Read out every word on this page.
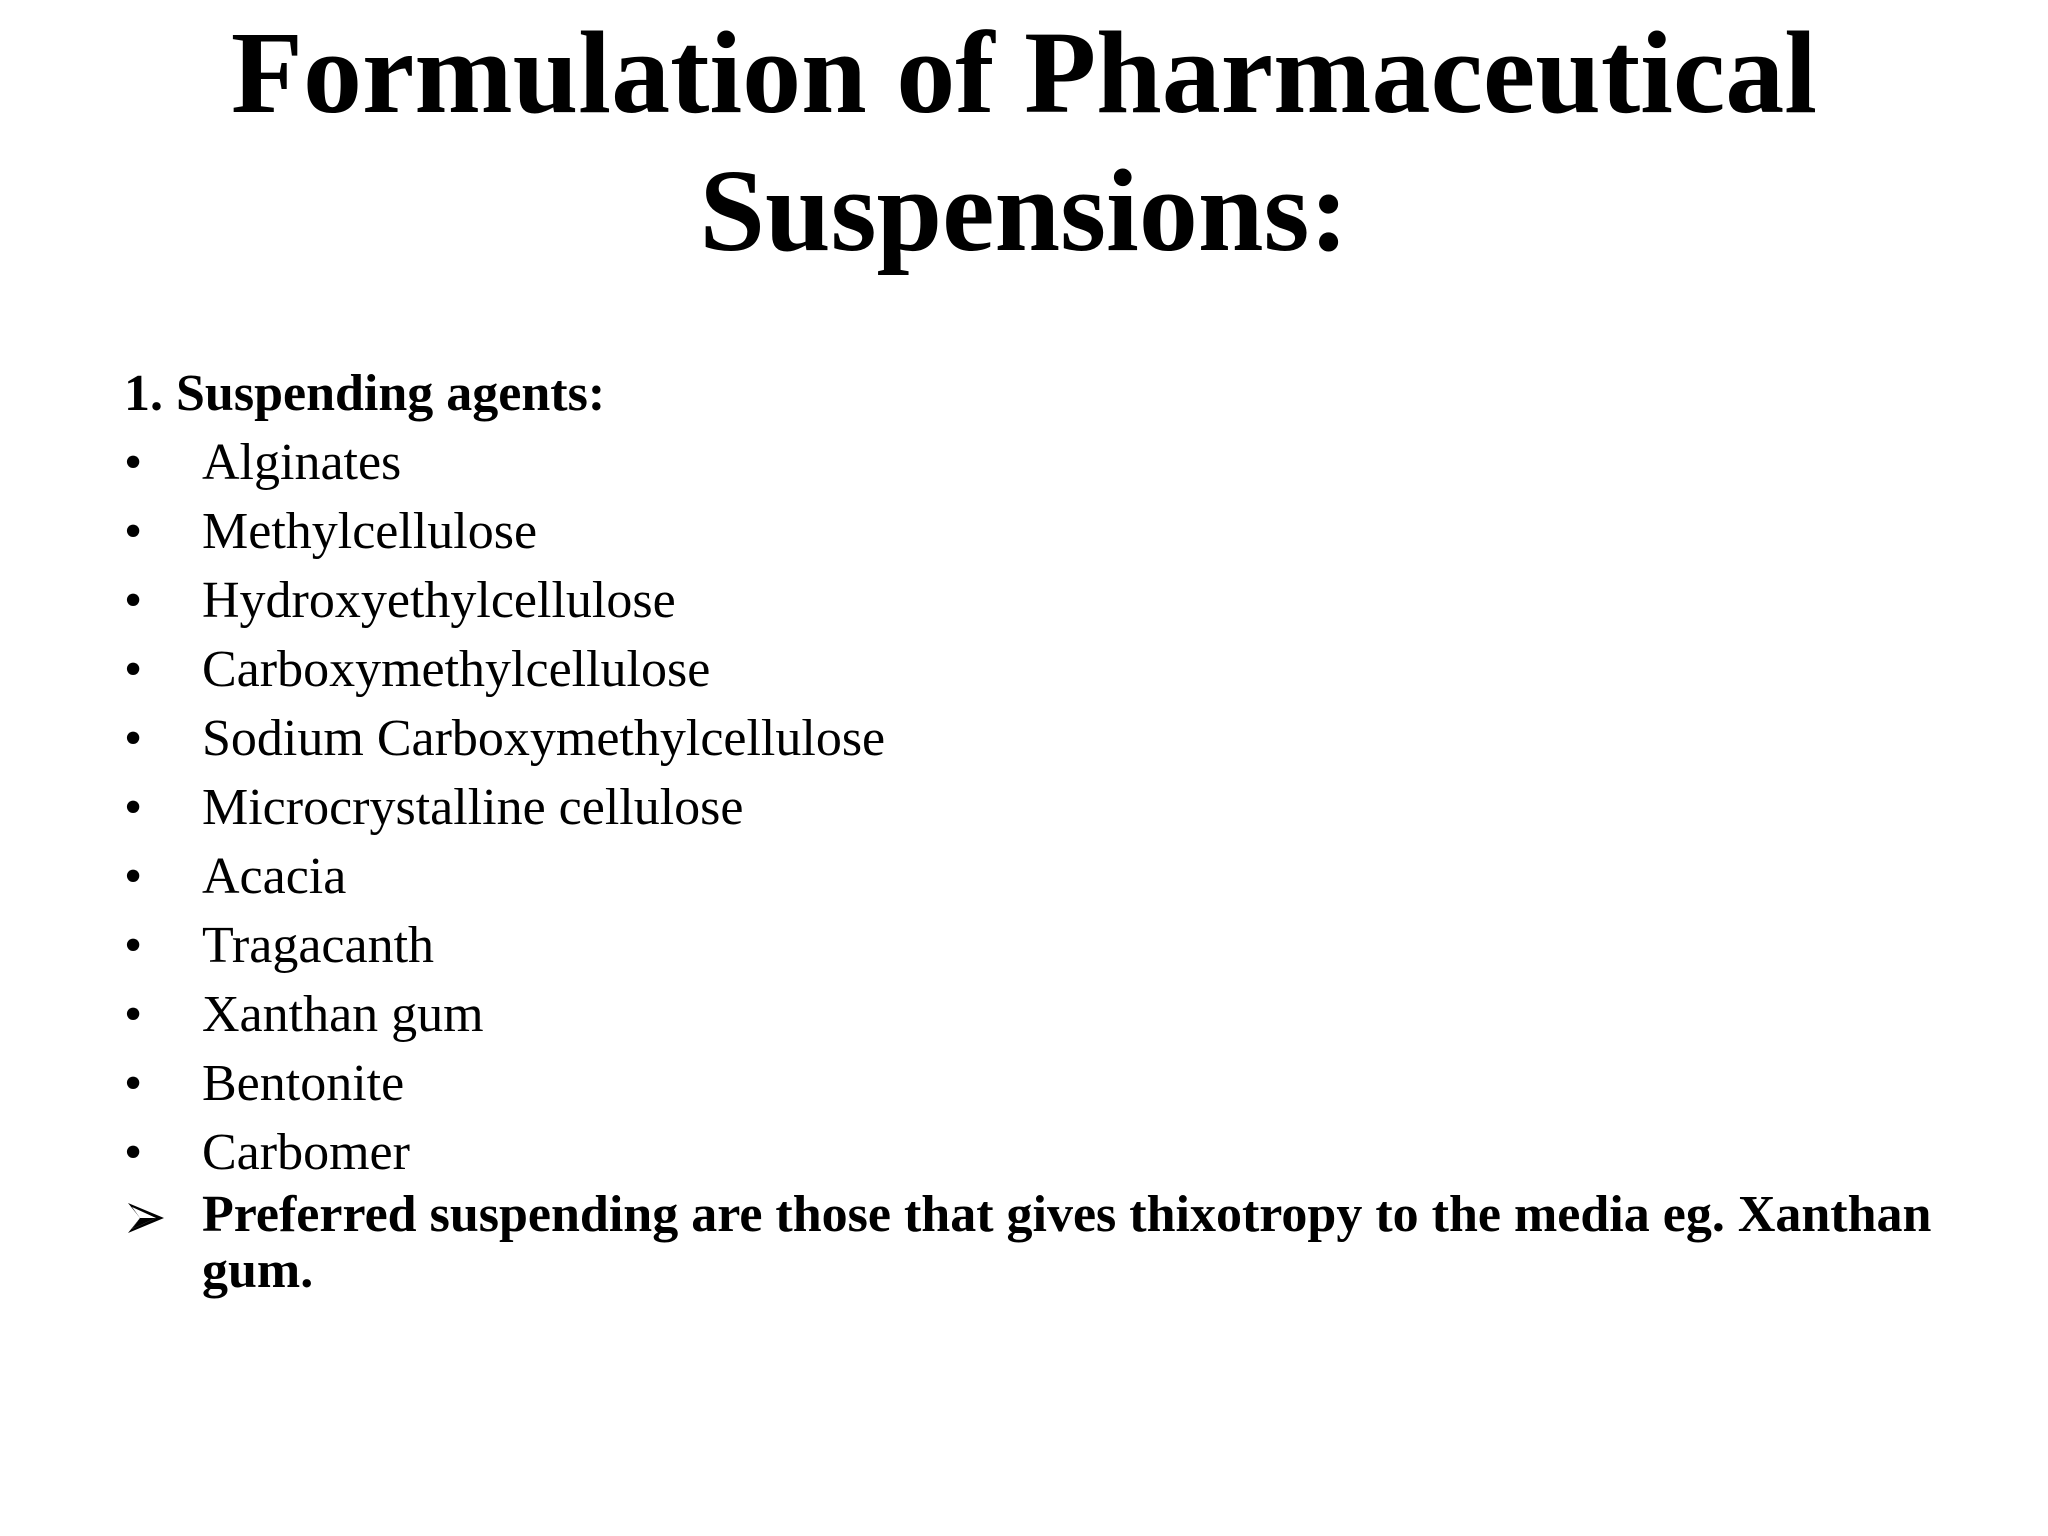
Formulation of Pharmaceutical
Suspensions:

1. Suspending agents:

•	Alginates
•	Methylcellulose
•	Hydroxyethylcellulose
•	Carboxymethylcellulose
•	Sodium Carboxymethylcellulose
•	Microcrystalline cellulose
•	Acacia
•	Tragacanth
•	Xanthan gum
•	Bentonite
•	Carbomer
Preferred suspending are those that gives thixotropy to the media eg. Xanthan gum.
